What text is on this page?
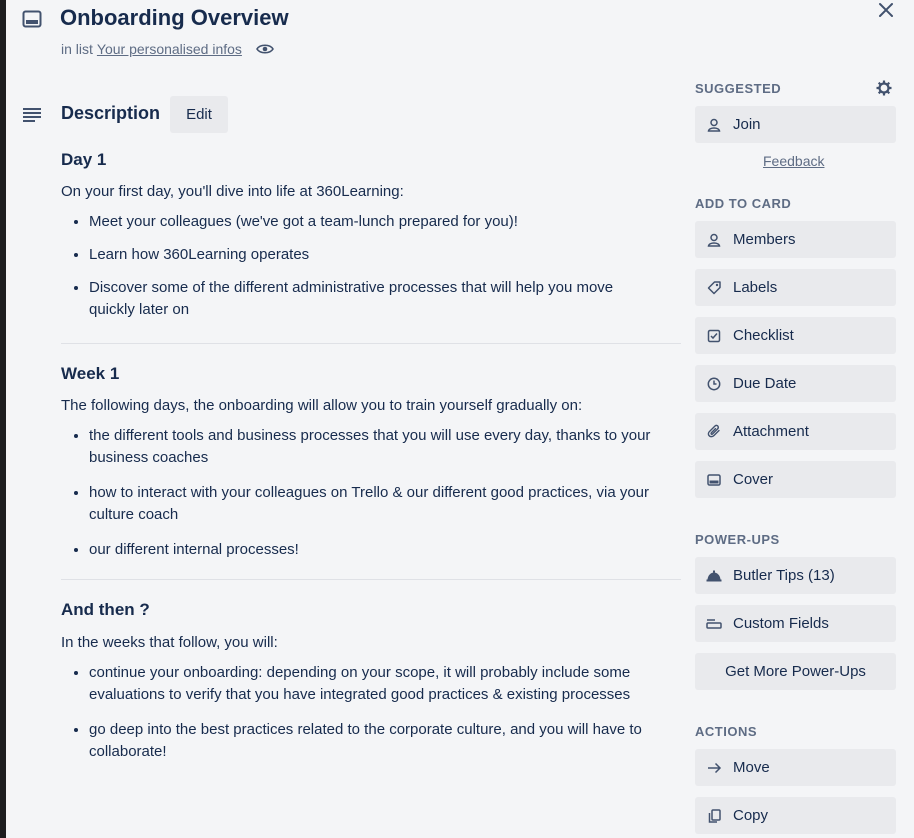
Onboarding Overview
in list Your personalised infos
Description	Edit
Day 1

On your first day, you'll dive into life at 360Learning:

• Meet your colleagues (we've got a team-lunch prepared for you)!
• Learn how 360Learning operates
• Discover some of the different administrative processes that will help you move quickly later on
Week 1

The following days, the onboarding will allow you to train yourself gradually on:

• the different tools and business processes that you will use every day, thanks to your business coaches
• how to interact with your colleagues on Trello & our different good practices, via your culture coach
• our different internal processes!
And then ?

In the weeks that follow, you will:

• continue your onboarding: depending on your scope, it will probably include some evaluations to verify that you have integrated good practices & existing processes
• go deep into the best practices related to the corporate culture, and you will have to collaborate!
SUGGESTED
Join
Feedback
ADD TO CARD
Members
Labels
Checklist
Due Date
Attachment
Cover
POWER-UPS
Butler Tips (13)
Custom Fields
Get More Power-Ups
ACTIONS
Move
Copy
